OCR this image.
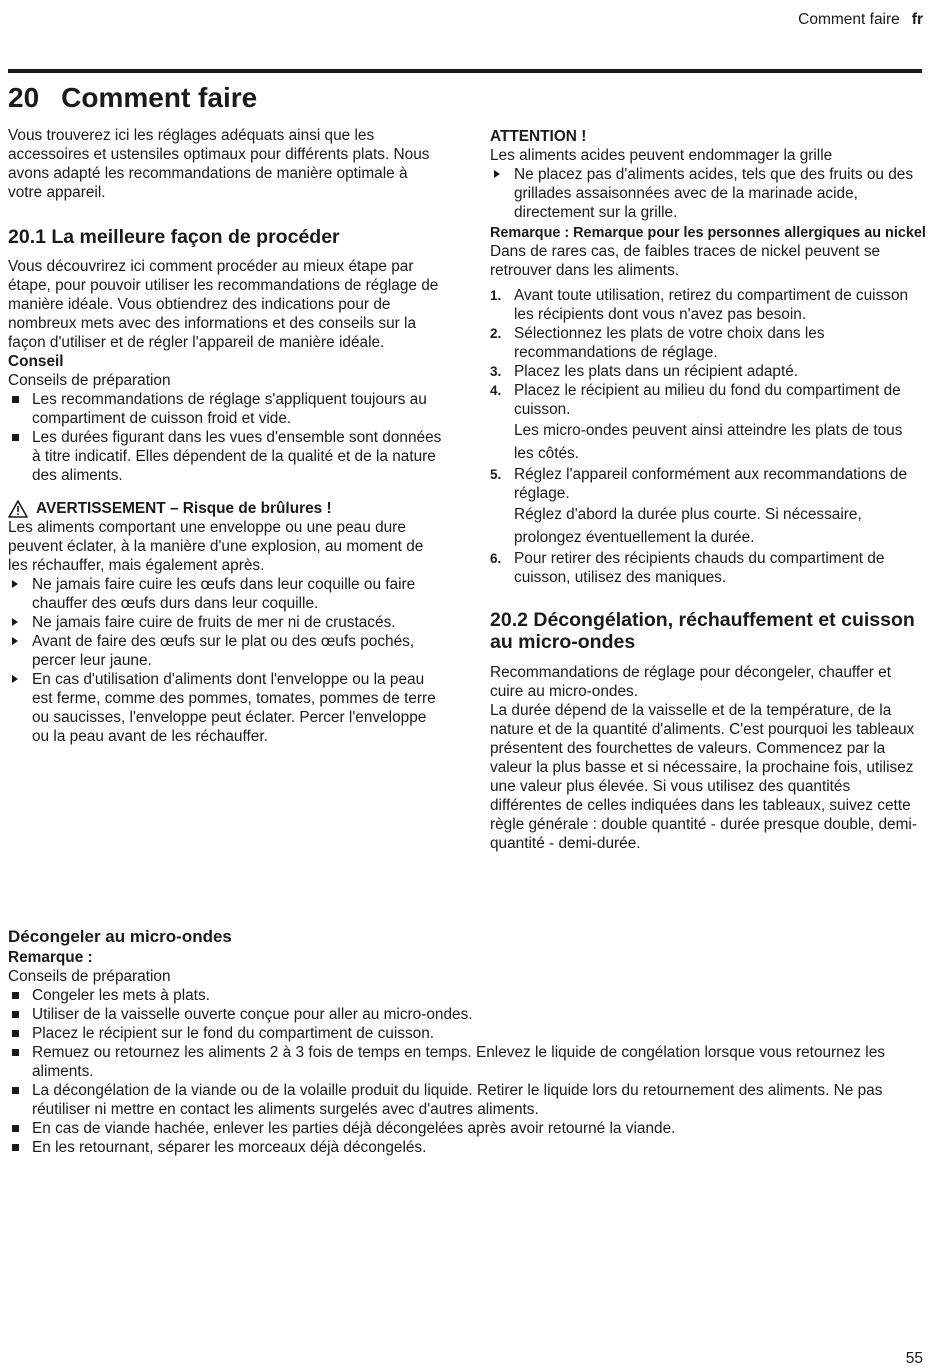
Comment faire fr
20 Comment faire

Vous trouverez ici les réglages adéquats ainsi que les accessoires et ustensiles optimaux pour différents plats. Nous avons adapté les recommandations de manière optimale à votre appareil.

20.1 La meilleure façon de procéder

Vous découvrirez ici comment procéder au mieux étape par étape, pour pouvoir utiliser les recommandations de réglage de manière idéale. Vous obtiendrez des indications pour de nombreux mets avec des informations et des conseils sur la façon d'utiliser et de régler l'appareil de manière idéale.

Conseil

Conseils de préparation

Les recommandations de réglage s'appliquent toujours au compartiment de cuisson froid et vide.
Les durées figurant dans les vues d'ensemble sont données à titre indicatif. Elles dépendent de la qualité et de la nature des aliments.
AVERTISSEMENT – Risque de brûlures !

Les aliments comportant une enveloppe ou une peau dure peuvent éclater, à la manière d'une explosion, au moment de les réchauffer, mais également après.

Ne jamais faire cuire les œufs dans leur coquille ou faire chauffer des œufs durs dans leur coquille.
Ne jamais faire cuire de fruits de mer ni de crustacés.
Avant de faire des œufs sur le plat ou des œufs pochés, percer leur jaune.
En cas d'utilisation d'aliments dont l'enveloppe ou la peau est ferme, comme des pommes, tomates, pommes de terre ou saucisses, l'enveloppe peut éclater. Percer l'enveloppe ou la peau avant de les réchauffer.

ATTENTION !

Les aliments acides peuvent endommager la grille

Ne placez pas d'aliments acides, tels que des fruits ou des grillades assaisonnées avec de la marinade acide, directement sur la grille.

Remarque : Remarque pour les personnes allergiques au nickel

Dans de rares cas, de faibles traces de nickel peuvent se retrouver dans les aliments.

1. Avant toute utilisation, retirez du compartiment de cuisson les récipients dont vous n'avez pas besoin.
2. Sélectionnez les plats de votre choix dans les recommandations de réglage.
3. Placez les plats dans un récipient adapté.
4. Placez le récipient au milieu du fond du compartiment de cuisson.
Les micro-ondes peuvent ainsi atteindre les plats de tous les côtés.
5. Réglez l'appareil conformément aux recommandations de réglage.
Réglez d'abord la durée plus courte. Si nécessaire, prolongez éventuellement la durée.
6. Pour retirer des récipients chauds du compartiment de cuisson, utilisez des maniques.
20.2 Décongélation, réchauffement et cuisson au micro-ondes

Recommandations de réglage pour décongeler, chauffer et cuire au micro-ondes.
La durée dépend de la vaisselle et de la température, de la nature et de la quantité d'aliments. C'est pourquoi les tableaux présentent des fourchettes de valeurs. Commencez par la valeur la plus basse et si nécessaire, la prochaine fois, utilisez une valeur plus élevée. Si vous utilisez des quantités différentes de celles indiquées dans les tableaux, suivez cette règle générale : double quantité - durée presque double, demi-quantité - demi-durée.

Décongeler au micro-ondes

Remarque :

Conseils de préparation

Congeler les mets à plats.
Utiliser de la vaisselle ouverte conçue pour aller au micro-ondes.
Placez le récipient sur le fond du compartiment de cuisson.
Remuez ou retournez les aliments 2 à 3 fois de temps en temps. Enlevez le liquide de congélation lorsque vous retournez les aliments.
La décongélation de la viande ou de la volaille produit du liquide. Retirer le liquide lors du retournement des aliments. Ne pas réutiliser ni mettre en contact les aliments surgelés avec d'autres aliments.
En cas de viande hachée, enlever les parties déjà décongelées après avoir retourné la viande.
En les retournant, séparer les morceaux déjà décongelés.
55
